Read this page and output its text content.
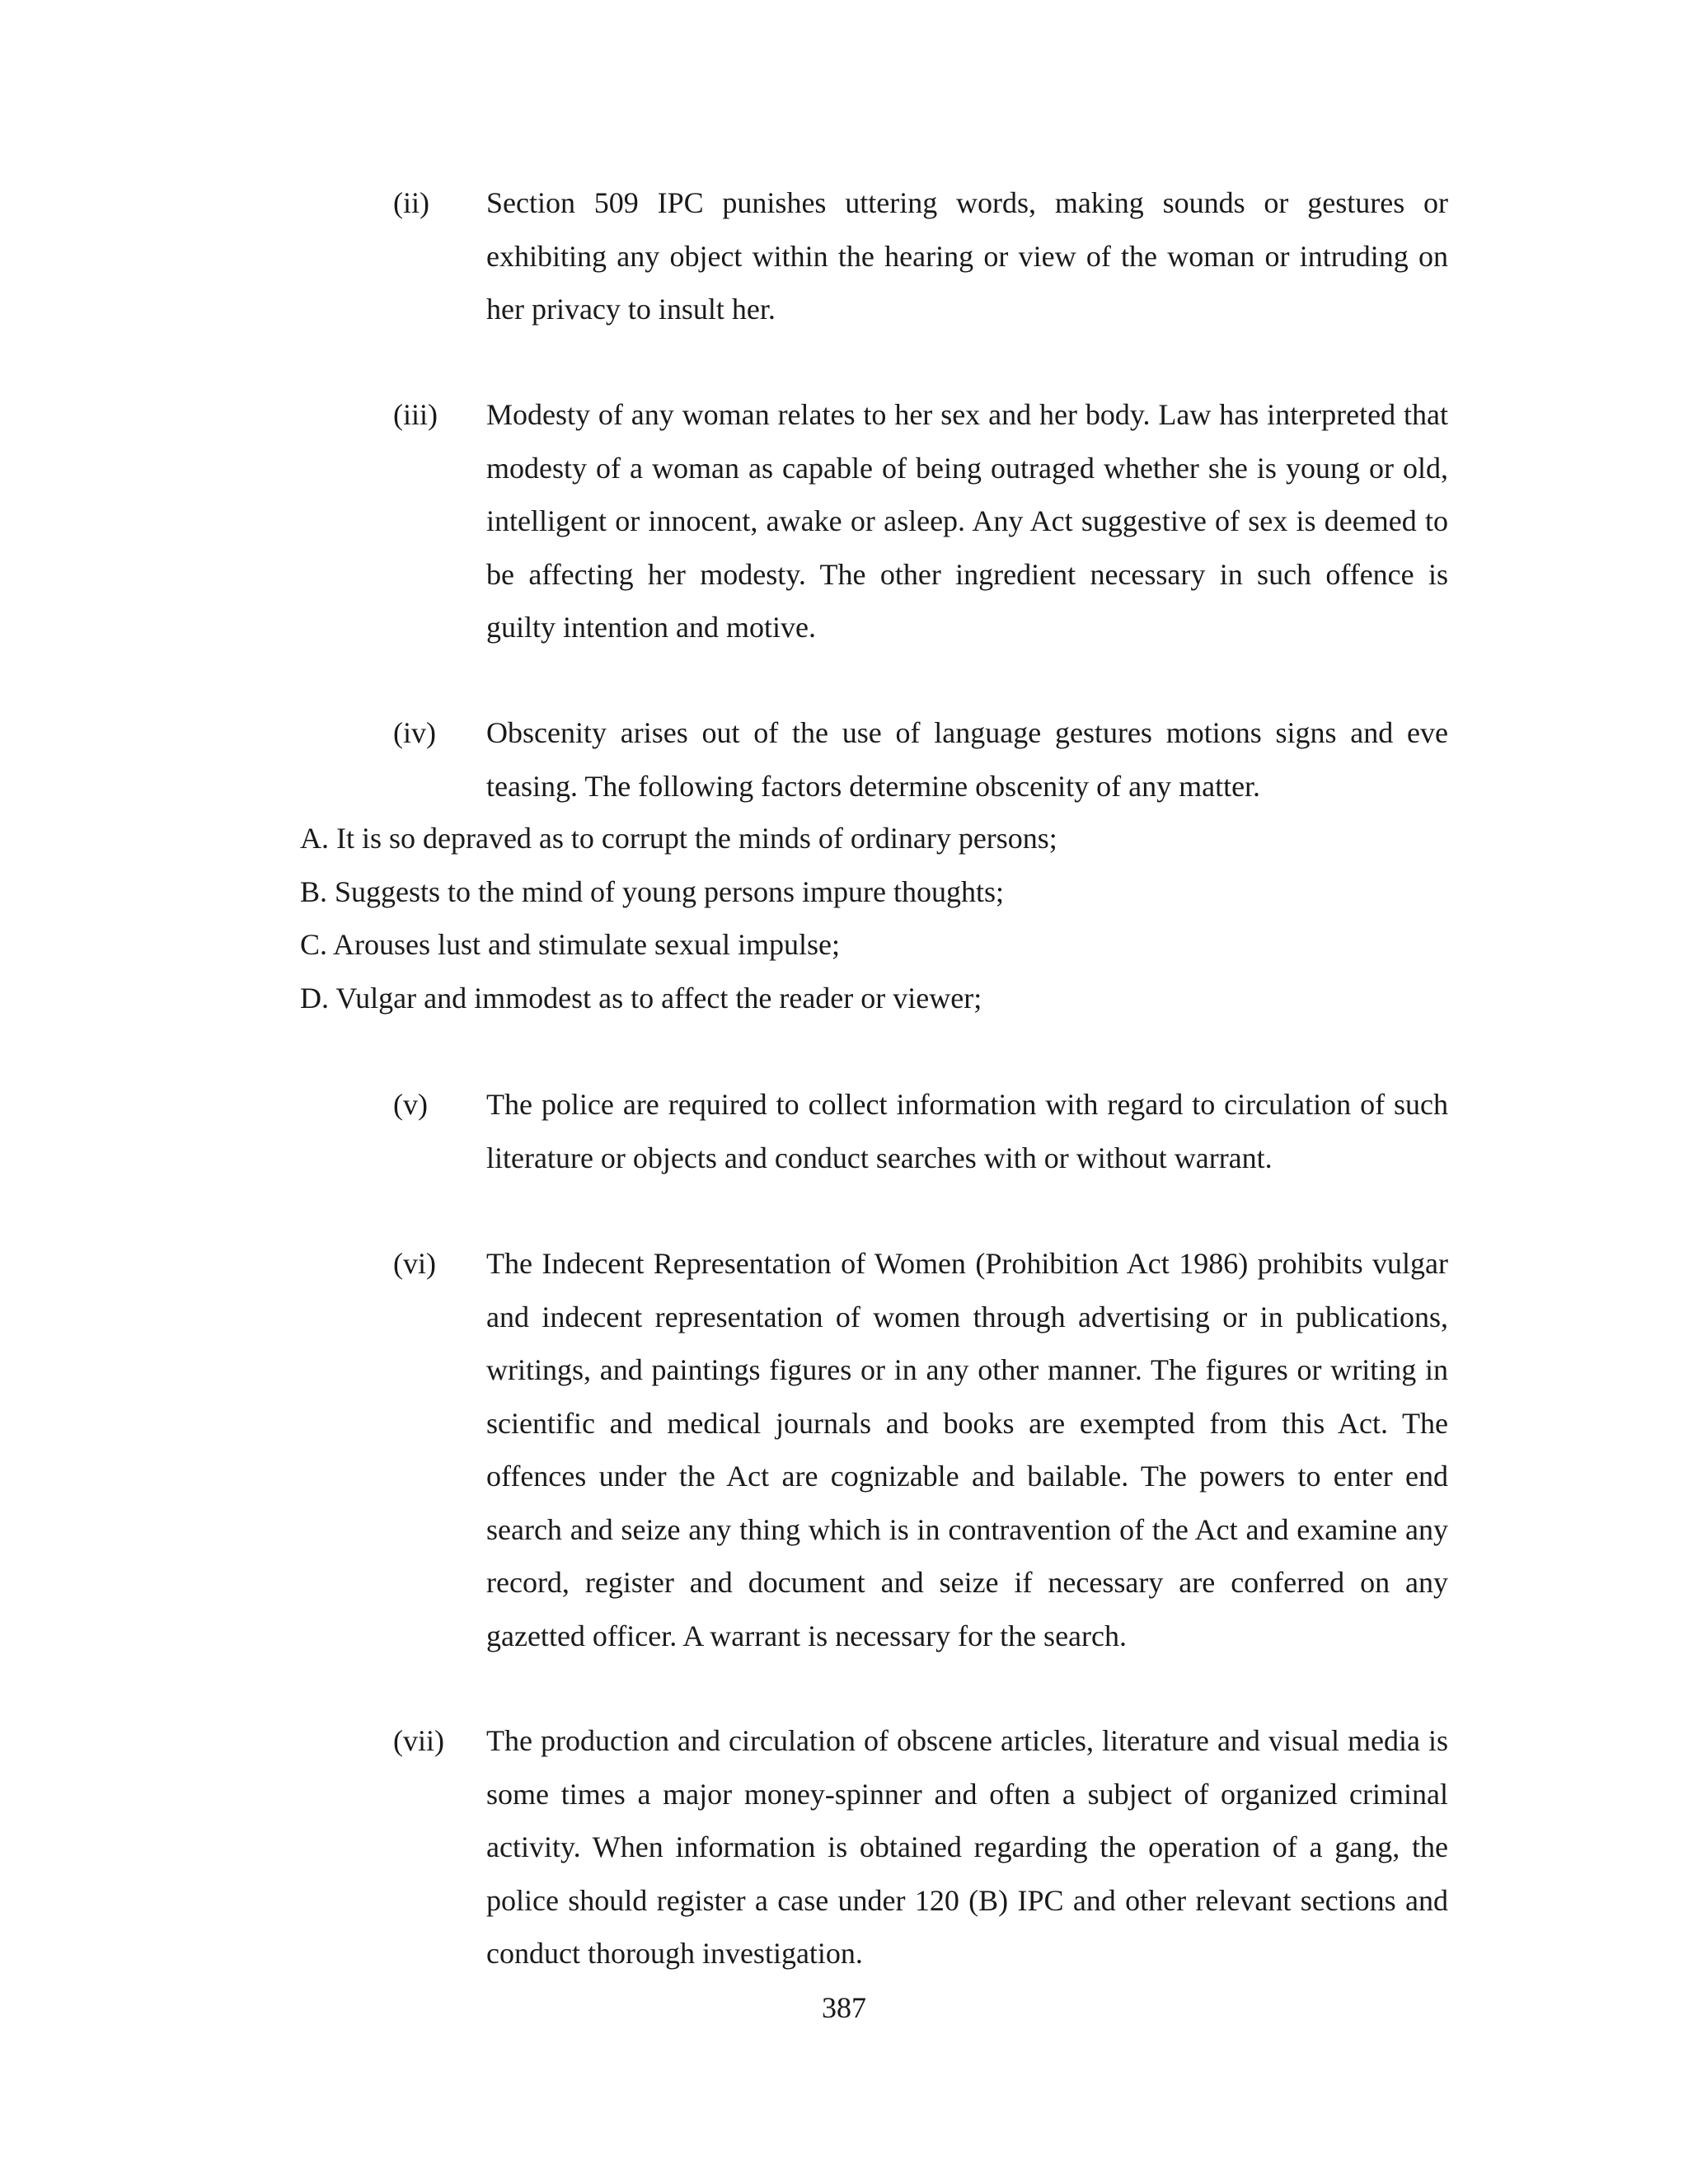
(ii) Section 509 IPC punishes uttering words, making sounds or gestures or exhibiting any object within the hearing or view of the woman or intruding on her privacy to insult her.
(iii) Modesty of any woman relates to her sex and her body. Law has interpreted that modesty of a woman as capable of being outraged whether she is young or old, intelligent or innocent, awake or asleep. Any Act suggestive of sex is deemed to be affecting her modesty. The other ingredient necessary in such offence is guilty intention and motive.
(iv) Obscenity arises out of the use of language gestures motions signs and eve teasing. The following factors determine obscenity of any matter.
A. It is so depraved as to corrupt the minds of ordinary persons;
B. Suggests to the mind of young persons impure thoughts;
C. Arouses lust and stimulate sexual impulse;
D. Vulgar and immodest as to affect the reader or viewer;
(v) The police are required to collect information with regard to circulation of such literature or objects and conduct searches with or without warrant.
(vi) The Indecent Representation of Women (Prohibition Act 1986) prohibits vulgar and indecent representation of women through advertising or in publications, writings, and paintings figures or in any other manner. The figures or writing in scientific and medical journals and books are exempted from this Act. The offences under the Act are cognizable and bailable. The powers to enter end search and seize any thing which is in contravention of the Act and examine any record, register and document and seize if necessary are conferred on any gazetted officer. A warrant is necessary for the search.
(vii) The production and circulation of obscene articles, literature and visual media is some times a major money-spinner and often a subject of organized criminal activity. When information is obtained regarding the operation of a gang, the police should register a case under 120 (B) IPC and other relevant sections and conduct thorough investigation.
387
